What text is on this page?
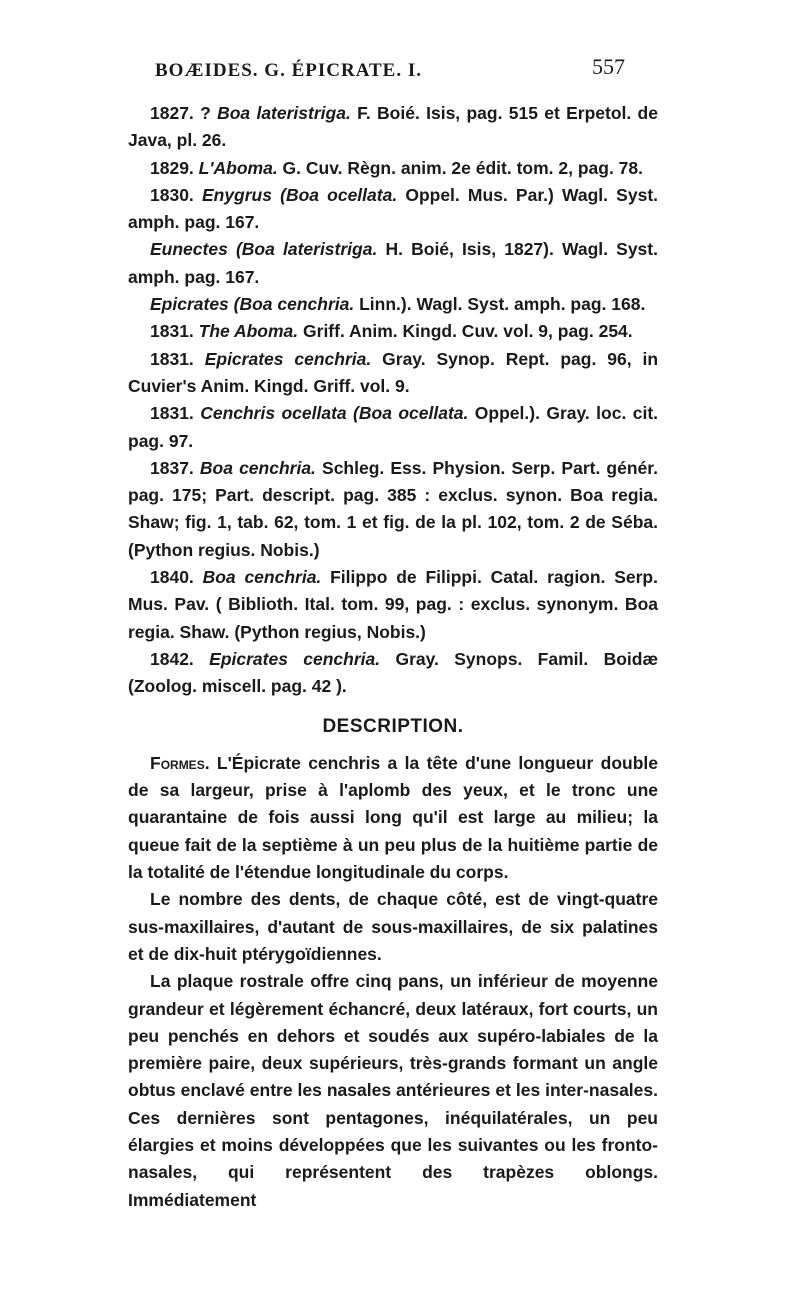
BOÆIDES. G. ÉPICRATE. I.	557

1827. ? Boa lateristriga. F. Boié. Isis, pag. 515 et Erpetol. de Java, pl. 26.

1829. L'Aboma. G. Cuv. Règn. anim. 2e édit. tom. 2, pag. 78.

1830. Enygrus (Boa ocellata. Oppel. Mus. Par.) Wagl. Syst. amph. pag. 167.

Eunectes (Boa lateristriga. H. Boié, Isis, 1827). Wagl. Syst. amph. pag. 167.

Epicrates (Boa cenchria. Linn.). Wagl. Syst. amph. pag. 168.

1831. The Aboma. Griff. Anim. Kingd. Cuv. vol. 9, pag. 254.

1831. Epicrates cenchria. Gray. Synop. Rept. pag. 96, in Cuvier's Anim. Kingd. Griff. vol. 9.

1831. Cenchris ocellata (Boa ocellata. Oppel.). Gray. loc. cit. pag. 97.

1837. Boa cenchria. Schleg. Ess. Physion. Serp. Part. génér. pag. 175; Part. descript. pag. 385 : exclus. synon. Boa regia. Shaw; fig. 1, tab. 62, tom. 1 et fig. de la pl. 102, tom. 2 de Séba. (Python regius. Nobis.)

1840. Boa cenchria. Filippo de Filippi. Catal. ragion. Serp. Mus. Pav. ( Biblioth. Ital. tom. 99, pag. : exclus. synonym. Boa regia. Shaw. (Python regius, Nobis.)

1842. Epicrates cenchria. Gray. Synops. Famil. Boidæ (Zoolog. miscell. pag. 42 ).

DESCRIPTION.

Formes. L'Épicrate cenchris a la tête d'une longueur double de sa largeur, prise à l'aplomb des yeux, et le tronc une quarantaine de fois aussi long qu'il est large au milieu; la queue fait de la septième à un peu plus de la huitième partie de la totalité de l'étendue longitudinale du corps.

Le nombre des dents, de chaque côté, est de vingt-quatre sus-maxillaires, d'autant de sous-maxillaires, de six palatines et de dix-huit ptérygoïdiennes.

La plaque rostrale offre cinq pans, un inférieur de moyenne grandeur et légèrement échancré, deux latéraux, fort courts, un peu penchés en dehors et soudés aux supéro-labiales de la première paire, deux supérieurs, très-grands formant un angle obtus enclavé entre les nasales antérieures et les inter-nasales. Ces dernières sont pentagones, inéquilatérales, un peu élargies et moins développées que les suivantes ou les fronto-nasales, qui représentent des trapèzes oblongs. Immédiatement
